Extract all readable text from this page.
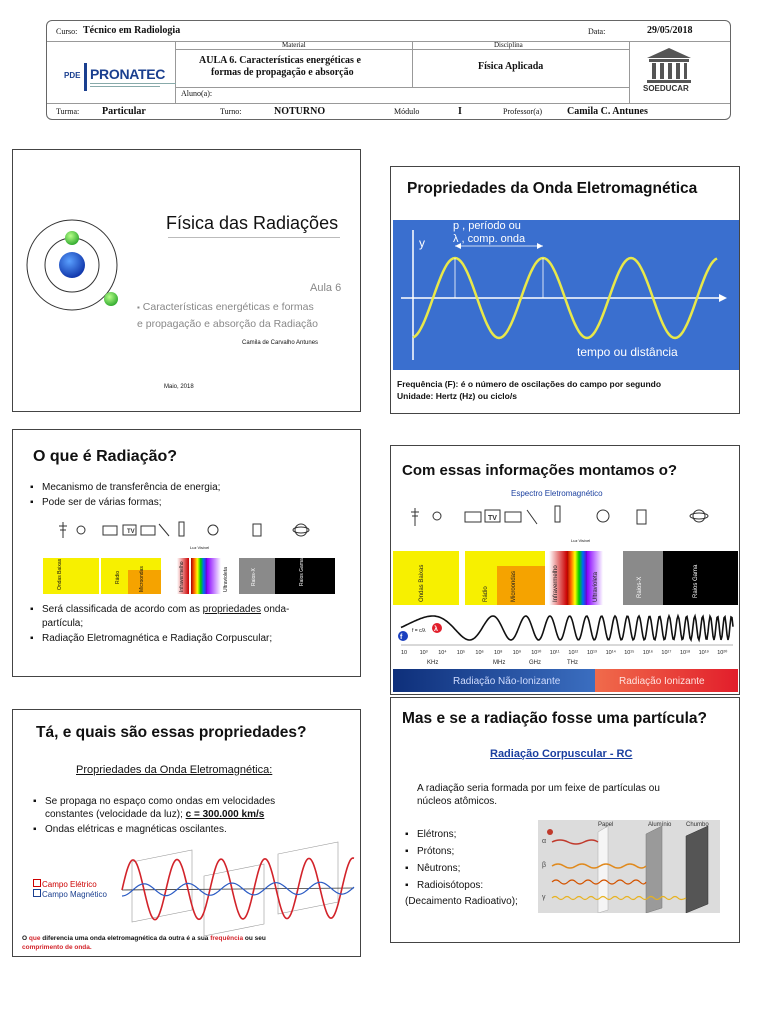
Curso: Técnico em Radiologia	Data:	29/05/2018
Material	Disciplina
AULA 6. Características energéticas e
formas de propagação e absorção
Física Aplicada
Aluno(a):
Turma: Particular	Turno:	NOTURNO	Módulo	I	Professor(a) Camila C. Antunes
PDE PRONATEC
SOEDUCAR
Física das Radiações
Aula 6
▪ Características energéticas e formas
e propagação e absorção da Radiação
Camila de Carvalho Antunes
Maio, 2018
Propriedades da Onda Eletromagnética
p , período ou
λ , comp. onda
y
tempo ou distância
Frequência (F): é o número de oscilações do campo por segundo
Unidade: Hertz (Hz) ou ciclo/s
O que é Radiação?
▪ Mecanismo de transferência de energia;
▪ Pode ser de várias formas;
TV
Luz Visível
Ondas Baixas	Rádio	Microondas	Infravermelho	Ultravioleta	Raios-X	Raios Gama
▪ Será classificada de acordo com as propriedades onda-
partícula;
▪ Radiação Eletromagnética e Radiação Corpuscular;
Com essas informações montamos o?
Espectro Eletromagnético
TV
f
λ
f = c/λ
Luz Visível
Ondas Baixas	Rádio	Microondas	Infravermelho	Ultravioleta	Raios-X	Raios Gama
10 10³ 10⁴ 10⁵ 10⁶ 10⁸ 10⁹ 10¹⁰ 10¹¹ 10¹² 10¹³ 10¹⁴ 10¹⁵ 10¹⁶ 10¹⁷ 10¹⁸ 10¹⁹ 10²⁰
KHz	MHz	GHz	THz
Radiação Não-Ionizante	Radiação Ionizante
Tá, e quais são essas propriedades?
Propriedades da Onda Eletromagnética:
▪ Se propaga no espaço como ondas em velocidades
constantes (velocidade da luz); c = 300.000 km/s
▪ Ondas elétricas e magnéticas oscilantes.
Campo Elétrico
Campo Magnético
O que diferencia uma onda eletromagnética da outra é a sua frequência ou seu
comprimento de onda.
Mas e se a radiação fosse uma partícula?
Radiação Corpuscular - RC
A radiação seria formada por um feixe de partículas ou
núcleos atômicos.
▪ Elétrons;
▪ Prótons;
▪ Nêutrons;
▪ Radioisótopos:
(Decaimento Radioativo);
Papel	Alumínio Chumbo
α
β
γ
